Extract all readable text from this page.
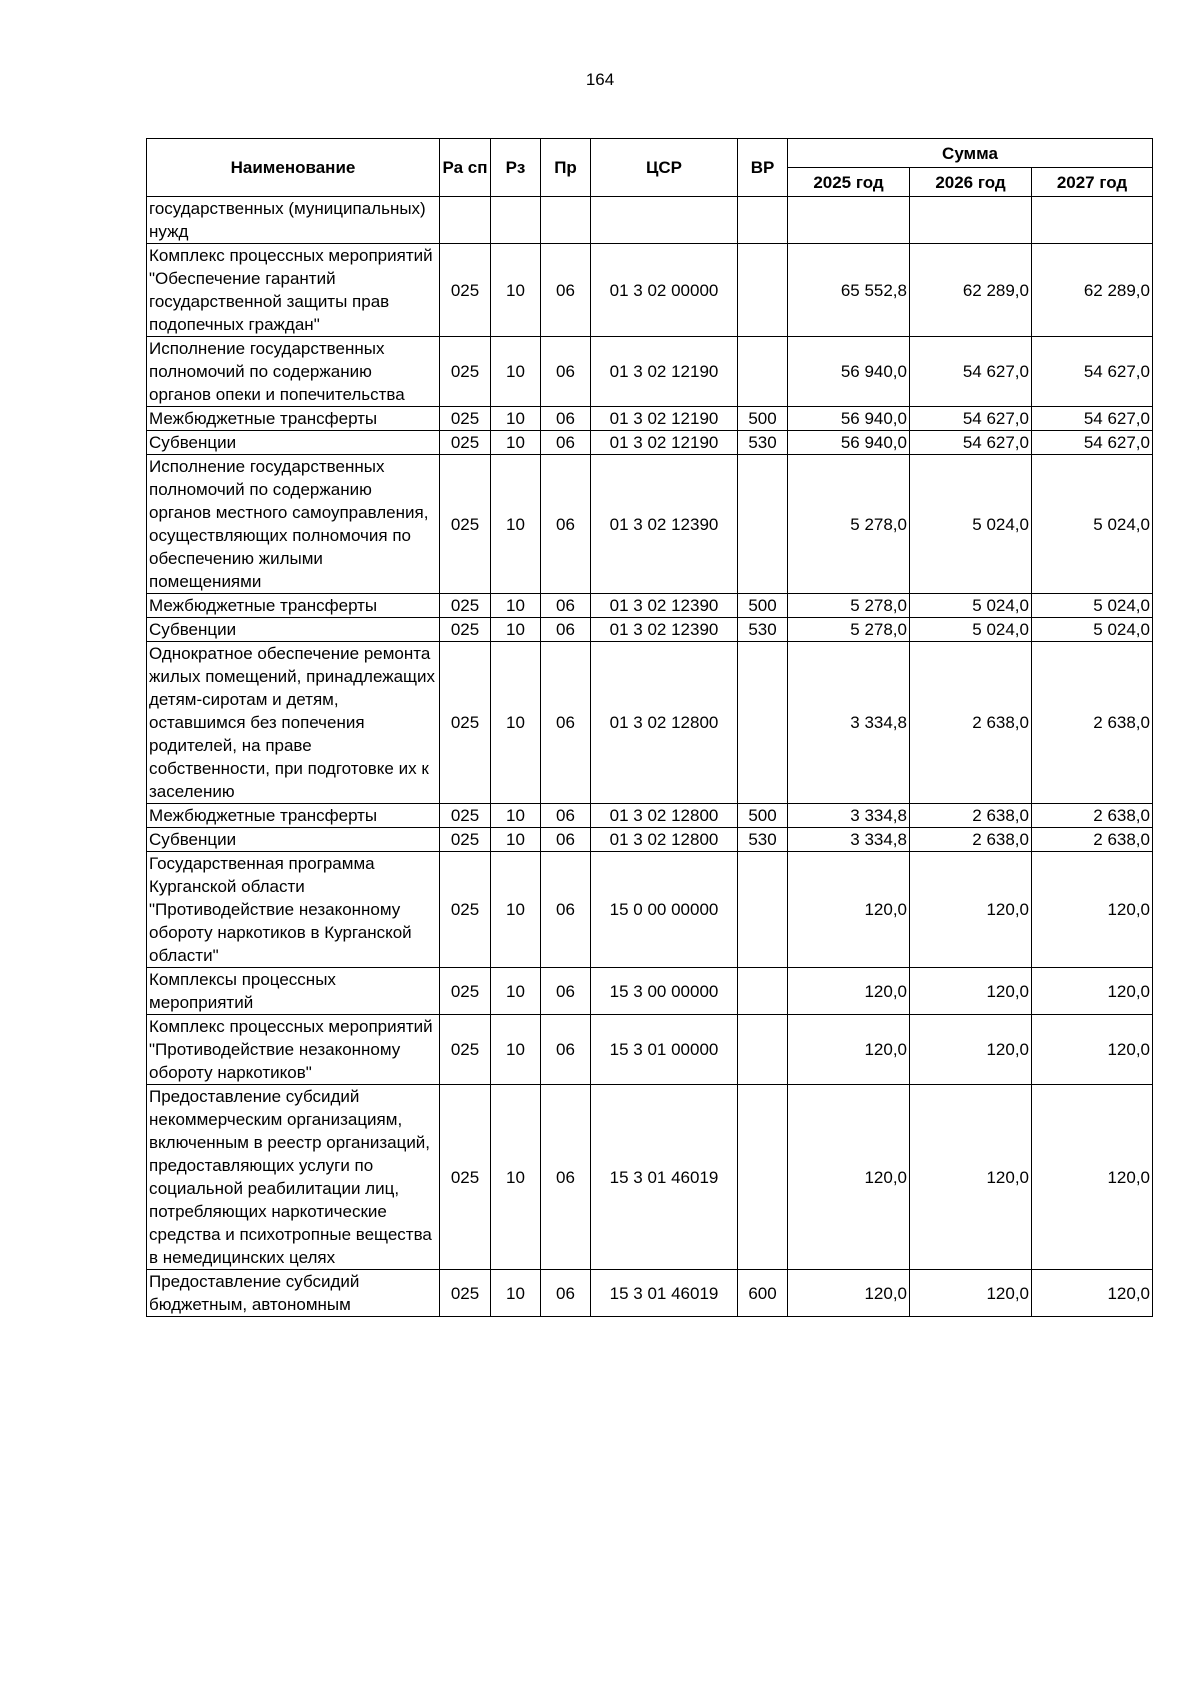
164
Наименование	Ра сп	Рз	Пр	ЦСР	ВР	Сумма		
						2025 год	2026 год	2027 год
государственных (муниципальных) нужд								
Комплекс процессных мероприятий "Обеспечение гарантий государственной защиты прав подопечных граждан"	025	10	06	01 3 02 00000		65 552,8	62 289,0	62 289,0
Исполнение государственных полномочий по содержанию органов опеки и попечительства	025	10	06	01 3 02 12190		56 940,0	54 627,0	54 627,0
Межбюджетные трансферты	025	10	06	01 3 02 12190	500	56 940,0	54 627,0	54 627,0
Субвенции	025	10	06	01 3 02 12190	530	56 940,0	54 627,0	54 627,0
Исполнение государственных полномочий по содержанию органов местного самоуправления, осуществляющих полномочия по обеспечению жилыми помещениями	025	10	06	01 3 02 12390		5 278,0	5 024,0	5 024,0
Межбюджетные трансферты	025	10	06	01 3 02 12390	500	5 278,0	5 024,0	5 024,0
Субвенции	025	10	06	01 3 02 12390	530	5 278,0	5 024,0	5 024,0
Однократное обеспечение ремонта жилых помещений, принадлежащих детям-сиротам и детям, оставшимся без попечения родителей, на праве собственности, при подготовке их к заселению	025	10	06	01 3 02 12800		3 334,8	2 638,0	2 638,0
Межбюджетные трансферты	025	10	06	01 3 02 12800	500	3 334,8	2 638,0	2 638,0
Субвенции	025	10	06	01 3 02 12800	530	3 334,8	2 638,0	2 638,0
Государственная программа Курганской области "Противодействие незаконному обороту наркотиков в Курганской области"	025	10	06	15 0 00 00000		120,0	120,0	120,0
Комплексы процессных мероприятий	025	10	06	15 3 00 00000		120,0	120,0	120,0
Комплекс процессных мероприятий "Противодействие незаконному обороту наркотиков"	025	10	06	15 3 01 00000		120,0	120,0	120,0
Предоставление субсидий некоммерческим организациям, включенным в реестр организаций, предоставляющих услуги по социальной реабилитации лиц, потребляющих наркотические средства и психотропные вещества в немедицинских целях	025	10	06	15 3 01 46019		120,0	120,0	120,0
Предоставление субсидий бюджетным, автономным	025	10	06	15 3 01 46019	600	120,0	120,0	120,0
